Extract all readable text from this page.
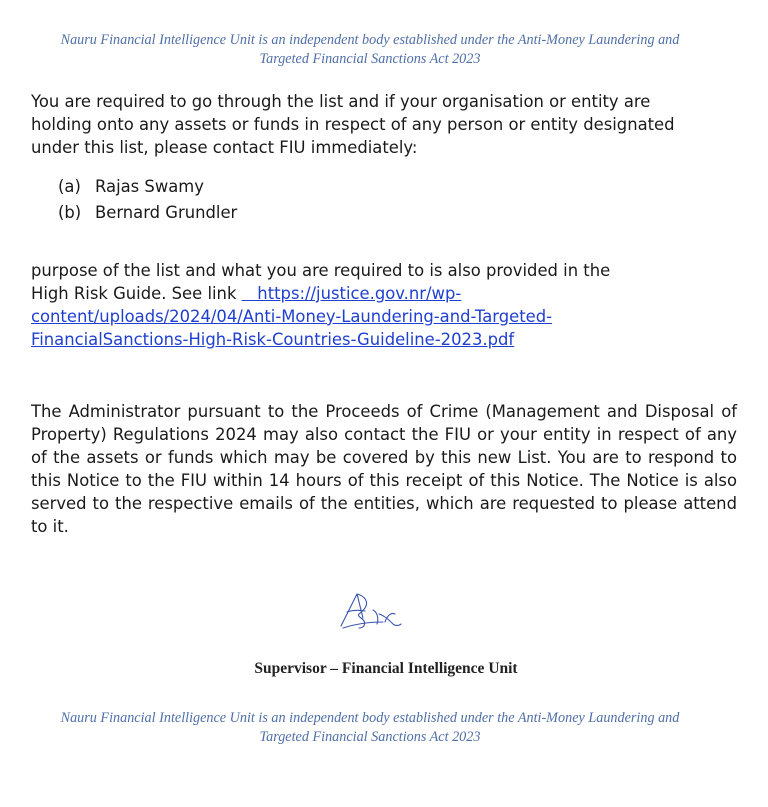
Nauru Financial Intelligence Unit is an independent body established under the Anti-Money Laundering and
Targeted Financial Sanctions Act 2023

You are required to go through the list and if your organisation or entity are
holding onto any assets or funds in respect of any person or entity designated
under this list, please contact FIU immediately:

(a) Rajas Swamy
(b) Bernard Grundler
purpose of the list and what you are required to is also provided in the
High Risk Guide. See link    https://justice.gov.nr/wp-
content/uploads/2024/04/Anti-Money-Laundering-and-Targeted-
FinancialSanctions-High-Risk-Countries-Guideline-2023.pdf

The Administrator pursuant to the Proceeds of Crime (Management and Disposal of Property) Regulations 2024 may also contact the FIU or your entity in respect of any of the assets or funds which may be covered by this new List. You are to respond to this Notice to the FIU within 14 hours of this receipt of this Notice. The Notice is also served to the respective emails of the entities, which are requested to please attend to it.

Supervisor – Financial Intelligence Unit
Nauru Financial Intelligence Unit is an independent body established under the Anti-Money Laundering and
Targeted Financial Sanctions Act 2023
